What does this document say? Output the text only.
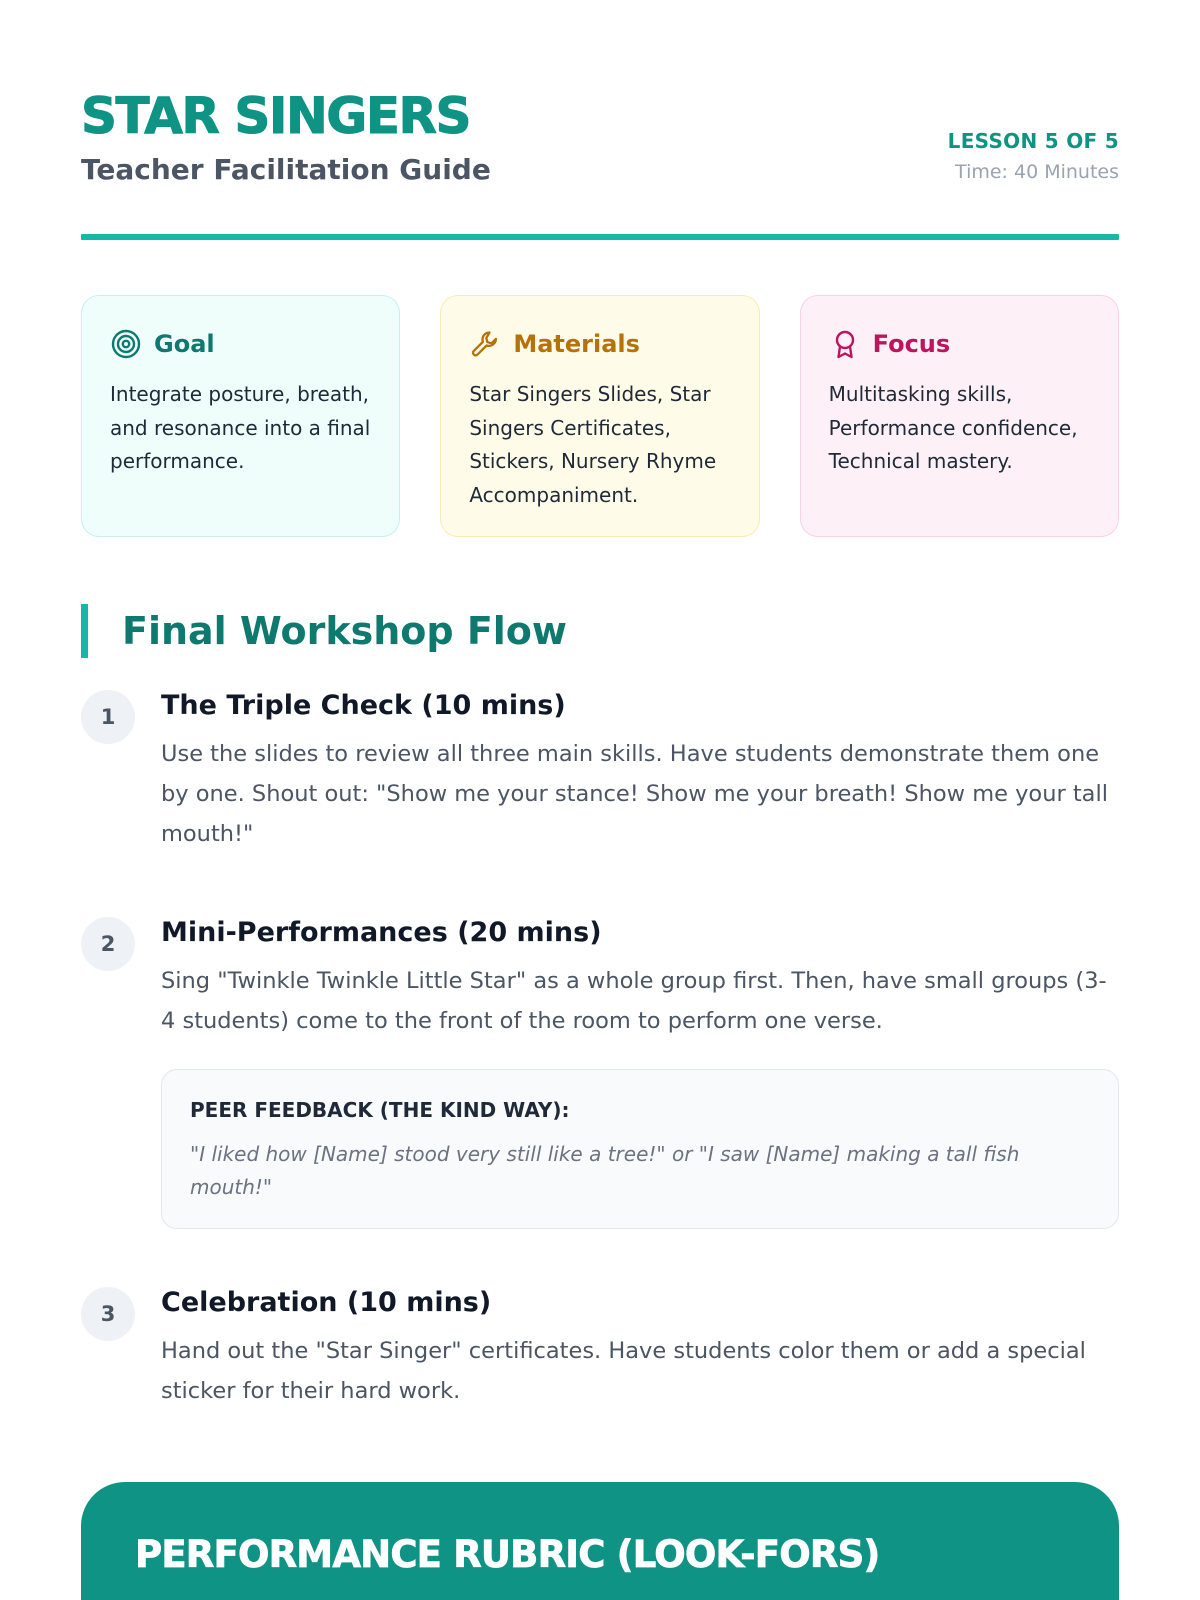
STAR SINGERS
Teacher Facilitation Guide
LESSON 5 OF 5
Time: 40 Minutes
Goal
Integrate posture, breath, and resonance into a final performance.
Materials
Star Singers Slides, Star Singers Certificates, Stickers, Nursery Rhyme Accompaniment.
Focus
Multitasking skills, Performance confidence, Technical mastery.
Final Workshop Flow
1	The Triple Check (10 mins)
Use the slides to review all three main skills. Have students demonstrate them one by one. Shout out: "Show me your stance! Show me your breath! Show me your tall mouth!"
2	Mini-Performances (20 mins)
Sing "Twinkle Twinkle Little Star" as a whole group first. Then, have small groups (3-4 students) come to the front of the room to perform one verse.
PEER FEEDBACK (THE KIND WAY):
"I liked how [Name] stood very still like a tree!" or "I saw [Name] making a tall fish mouth!"
3	Celebration (10 mins)
Hand out the "Star Singer" certificates. Have students color them or add a special sticker for their hard work.
PERFORMANCE RUBRIC (LOOK-FORS)
